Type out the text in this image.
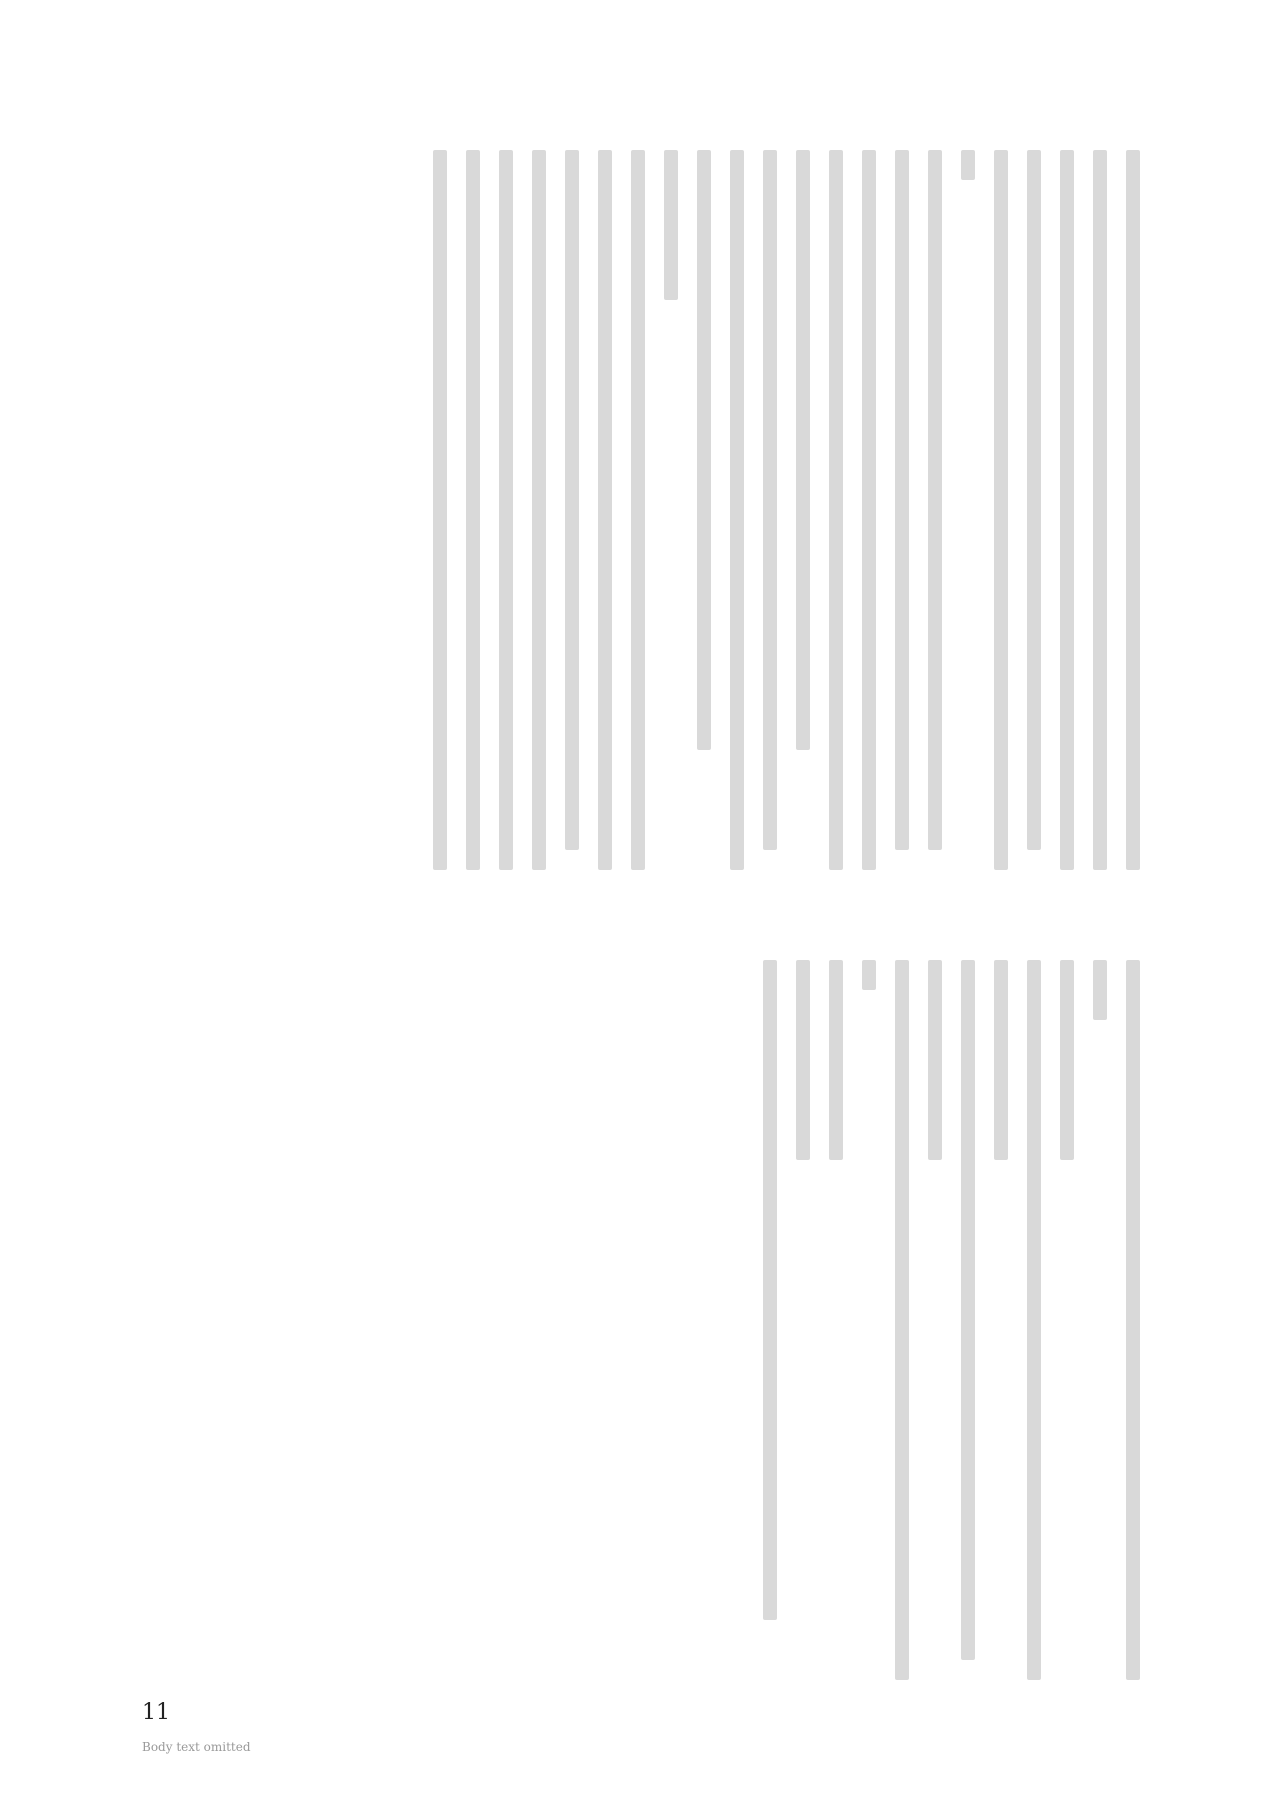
11
Body text omitted
